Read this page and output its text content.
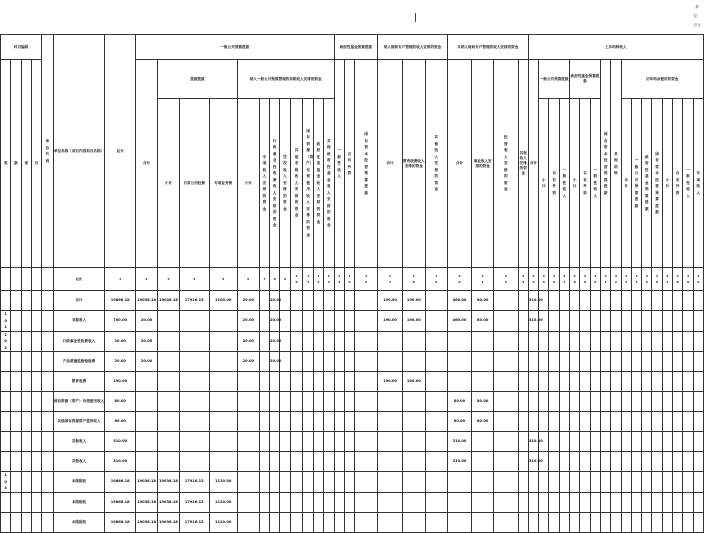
单位：万元
科目编码				单位代码	单位名称（项目内容科目名称）	总计	一般公共预算拨款												政府性基金预算拨款			纳入财政专户管理的收入安排的资金			未纳入财政专户管理的收入安排的资金				上年结转收入																	

类	款	项	目				合计	拨款拨款			纳入一般公共预算管理的非税收入安排的资金								一般性收入	自有外资	国有资本经营预算拨款	合计	教育收费收入安排的资金	其他收入安排的资金	合计	事业收入安排的资金	经营收入安排的资金	其他收入安排的资金	合计	一般公共预算拨款			政府性基金预算拨款			国有资本经营预算拨款	其他结转	历年结余使用的资金								
								小计	日常公用经费	专项业务费	小计	专项收入安排的资金	行政事业性收费收入安排的资金	罚没收入安排的资金	其他非税收入安排的资金	国有资源（资产）有偿使用收入安排的资金	政府住房基金收入安排的资金	其他政府性基金收入安排的资金												小计	自有外资	一般性收入	小计	自有外资	一般性收入			合计	一般公共预算拨款	政府性基金预算拨款	国有资本经营预算拨款	小计	自有外资	一般性收入	专项收入

					栏次	1	2	3	4	5	6	7	8	9	10	11	12	13	14	15	16	17	18	19	20	21	22	23	24	25	26	27	28	29	30	31	32	33	34	35	36	37	38	39	40	

					合计	19866.18	19036.18	19036.18	17916.15	1100.00	20.00		20.00									190.00	190.00		460.00	80.00			310.00																	

101					非税收入	700.00	20.00				20.00		20.00									190.00	190.00		460.00	80.00			310.00																	

102					行政事业性收费收入	20.00	20.00				20.00		20.00																																	

					产品质量监督检验费	20.00	20.00				20.00		20.00																																	

					教育收费	190.00																190.00	190.00																							

					国有资源（资产）有偿使用收入	80.00																			80.00	80.00																				

					其他国有资源资产使用收入	80.00																			80.00	80.00																				

					其他收入	310.00																			310.00				310.00																	

					其他收入	310.00																			310.00				310.00																	

103					本级税收	19866.18	19036.18	19036.18	17916.15	1120.00																																				

					本级税收	19866.18	19036.18	19036.18	17916.15	1120.00																																				

					本级税收	19866.18	19036.18	19036.18	17916.15	1120.00																																				
